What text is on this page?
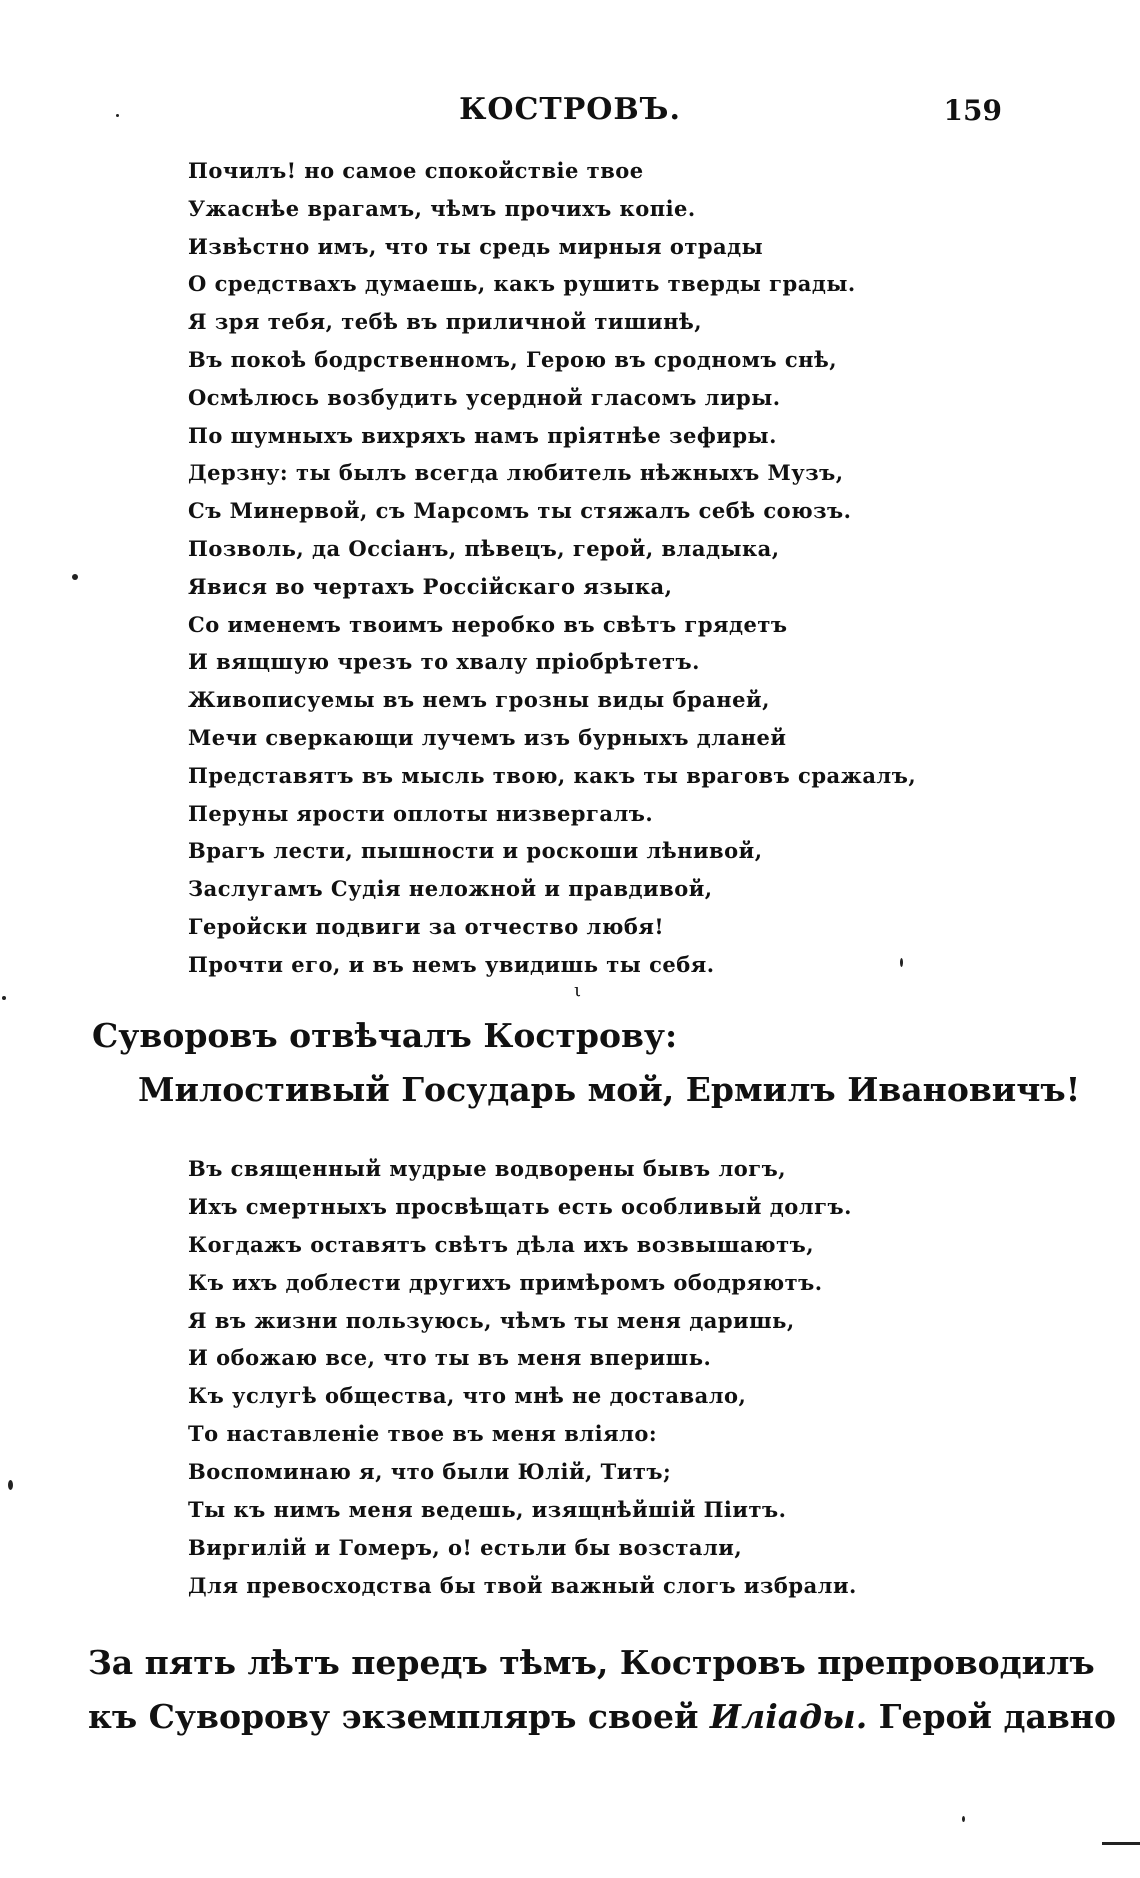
КОСТРОВЪ.	159
Почилъ! но самое спокойствіе твое
Ужаснѣе врагамъ, чѣмъ прочихъ копіе.
Извѣстно имъ, что ты средь мирныя отрады
О средствахъ думаешь, какъ рушить тверды грады.
Я зря тебя, тебѣ въ приличной тишинѣ,
Въ покоѣ бодрственномъ, Герою въ сродномъ снѣ,
Осмѣлюсь возбудить усердной гласомъ лиры.
По шумныхъ вихряхъ намъ пріятнѣе зефиры.
Дерзну: ты былъ всегда любитель нѣжныхъ Музъ,
Съ Минервой, съ Марсомъ ты стяжалъ себѣ союзъ.
Позволь, да Оссіанъ, пѣвецъ, герой, владыка,
Явися во чертахъ Россійскаго языка,
Со именемъ твоимъ неробко въ свѣтъ грядетъ
И вящшую чрезъ то хвалу пріобрѣтетъ.
Живописуемы въ немъ грозны виды браней,
Мечи сверкающи лучемъ изъ бурныхъ дланей
Представятъ въ мысль твою, какъ ты враговъ сражалъ,
Перуны ярости оплоты низвергалъ.
Врагъ лести, пышности и роскоши лѣнивой,
Заслугамъ Судія неложной и правдивой,
Геройски подвиги за отчество любя!
Прочти его, и въ немъ увидишь ты себя.
ι
Суворовъ отвѣчалъ Кострову:
Милостивый Государь мой, Ермилъ Ивановичъ!
Въ священный мудрые водворены бывъ логъ,
Ихъ смертныхъ просвѣщать есть особливый долгъ.
Когдажъ оставятъ свѣтъ дѣла ихъ возвышаютъ,
Къ ихъ доблести другихъ примѣромъ ободряютъ.
Я въ жизни пользуюсь, чѣмъ ты меня даришь,
И обожаю все, что ты въ меня вперишь.
Къ услугѣ общества, что мнѣ не доставало,
То наставленіе твое въ меня вліяло:
Воспоминаю я, что были Юлій, Титъ;
Ты къ нимъ меня ведешь, изящнѣйшій Піитъ.
Виргилій и Гомеръ, о! естьли бы возстали,
Для превосходства бы твой важный слогъ избрали.
За пять лѣтъ передъ тѣмъ, Костровъ препроводилъ
къ Суворову экземпляръ своей Иліады. Герой давно
